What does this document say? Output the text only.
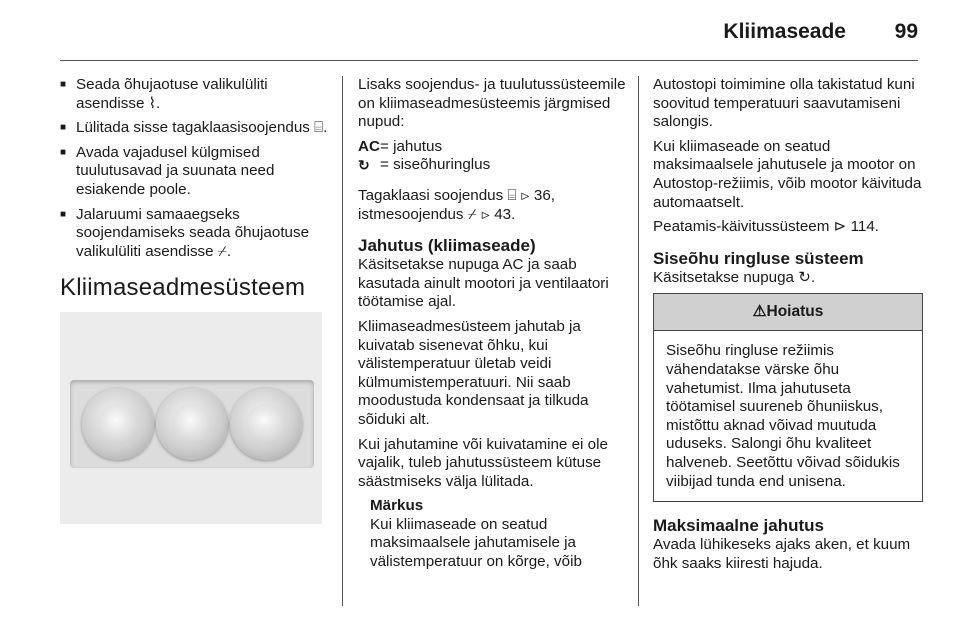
Kliimaseade 99
■ Seada õhujaotuse valikulüliti asendisse ⌇.
■ Lülitada sisse tagaklaasisoojendus ⌸.
■ Avada vajadusel külgmised tuulutusavad ja suunata need esiakende poole.
■ Jalaruumi samaaegseks soojendamiseks seada õhujaotuse valikulüliti asendisse ⌿.
Kliimaseadmesüsteem

Lisaks soojendus- ja tuulutussüsteemile on kliimaseadmesüsteemis järgmised nupud:

AC = jahutus
↻ = siseõhuringlus

Tagaklaasi soojendus ⌸ ⊳ 36, istmesoojendus ⌿ ⊳ 43.

Jahutus (kliimaseade)

Käsitsetakse nupuga AC ja saab kasutada ainult mootori ja ventilaatori töötamise ajal.

Kliimaseadmesüsteem jahutab ja kuivatab sisenevat õhku, kui välistemperatuur ületab veidi külmumistemperatuuri. Nii saab moodustuda kondensaat ja tilkuda sõiduki alt.

Kui jahutamine või kuivatamine ei ole vajalik, tuleb jahutussüsteem kütuse säästmiseks välja lülitada.

Märkus
Kui kliimaseade on seatud maksimaalsele jahutamisele ja välistemperatuur on kõrge, võib

Autostopi toimimine olla takistatud kuni soovitud temperatuuri saavutamiseni salongis.

Kui kliimaseade on seatud maksimaalsele jahutusele ja mootor on Autostop-režiimis, võib mootor käivituda automaatselt.

Peatamis-käivitussüsteem ⊳ 114.

Siseõhu ringluse süsteem

Käsitsetakse nupuga ↻.

⚠Hoiatus
Siseõhu ringluse režiimis vähendatakse värske õhu vahetumist. Ilma jahutuseta töötamisel suureneb õhuniiskus, mistõttu aknad võivad muutuda uduseks. Salongi õhu kvaliteet halveneb. Seetõttu võivad sõidukis viibijad tunda end unisena.
Maksimaalne jahutus

Avada lühikeseks ajaks aken, et kuum õhk saaks kiiresti hajuda.
